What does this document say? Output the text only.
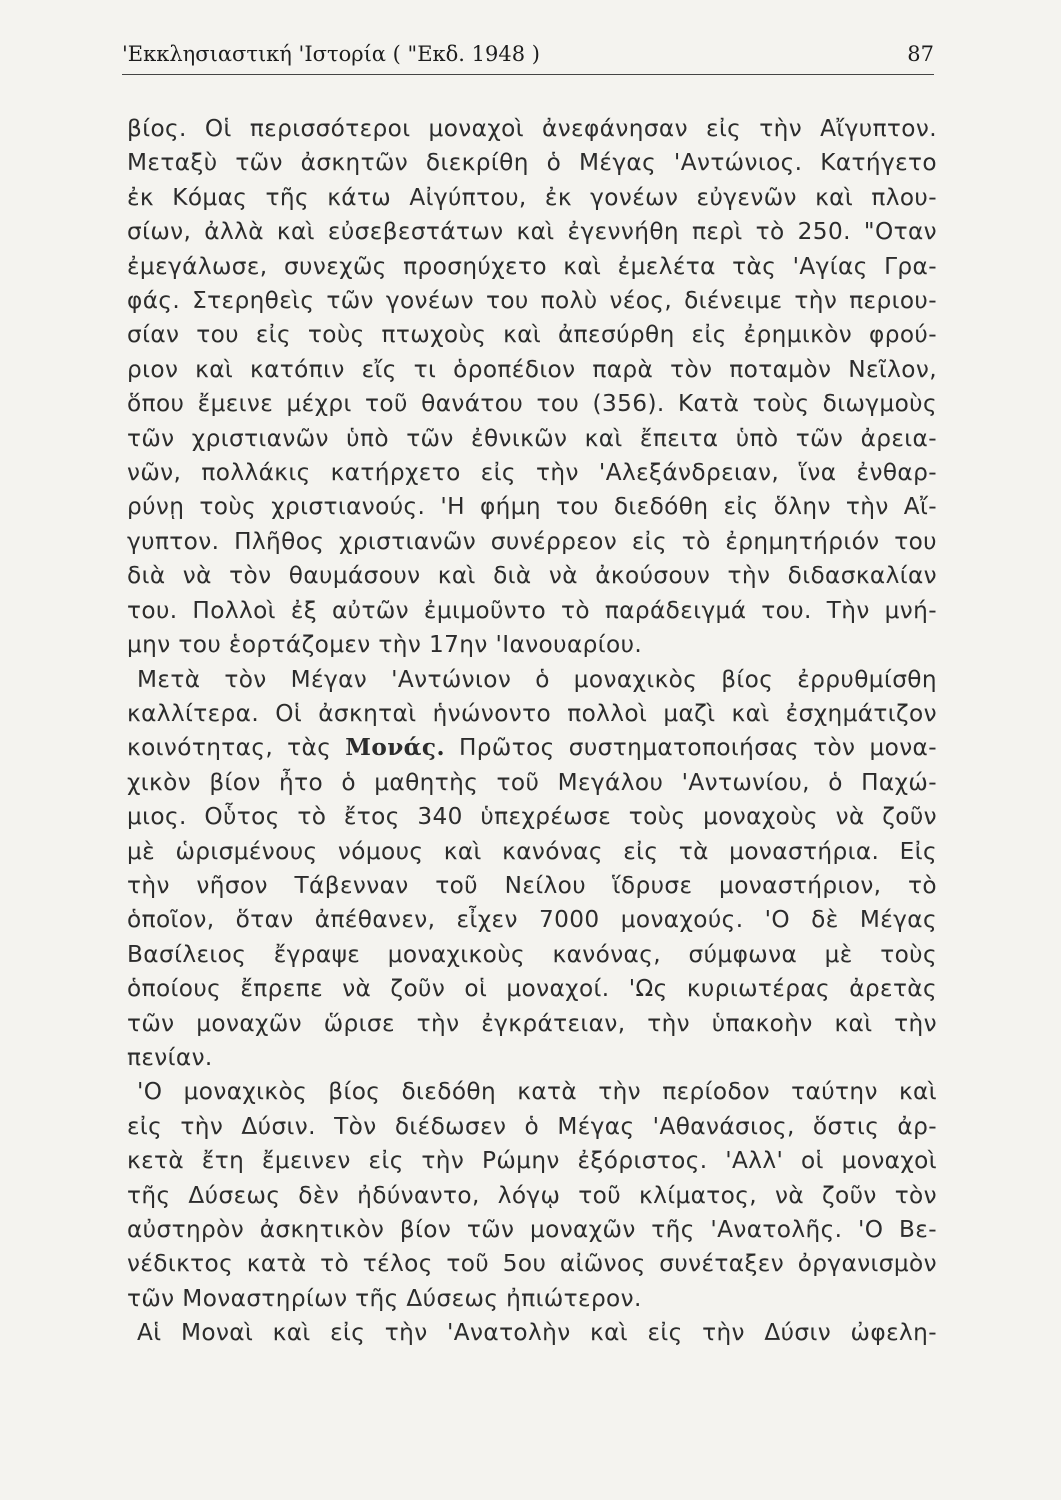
'Εκκλησιαστική 'Ιστορία ( "Εκδ. 1948 )	87
βίος. Οἱ περισσότεροι μοναχοὶ ἀνεφάνησαν εἰς τὴν Αἴγυπτον.
Μεταξὺ τῶν ἀσκητῶν διεκρίθη ὁ Μέγας 'Αντώνιος. Κατήγετο
ἐκ Κόμας τῆς κάτω Αἰγύπτου, ἐκ γονέων εὐγενῶν καὶ πλου-
σίων, ἀλλὰ καὶ εὐσεβεστάτων καὶ ἐγεννήθη περὶ τὸ 250. "Οταν
ἐμεγάλωσε, συνεχῶς προσηύχετο καὶ ἐμελέτα τὰς 'Αγίας Γρα-
φάς. Στερηθεὶς τῶν γονέων του πολὺ νέος, διένειμε τὴν περιου-
σίαν του εἰς τοὺς πτωχοὺς καὶ ἀπεσύρθη εἰς ἐρημικὸν φρού-
ριον καὶ κατόπιν εἴς τι ὁροπέδιον παρὰ τὸν ποταμὸν Νεῖλον,
ὅπου ἔμεινε μέχρι τοῦ θανάτου του (356). Κατὰ τοὺς διωγμοὺς
τῶν χριστιανῶν ὑπὸ τῶν ἐθνικῶν καὶ ἔπειτα ὑπὸ τῶν ἀρεια-
νῶν, πολλάκις κατήρχετο εἰς τὴν 'Αλεξάνδρειαν, ἵνα ἐνθαρ-
ρύνῃ τοὺς χριστιανούς. 'Η φήμη του διεδόθη εἰς ὅλην τὴν Αἴ-
γυπτον. Πλῆθος χριστιανῶν συνέρρεον εἰς τὸ ἐρημητήριόν του
διὰ νὰ τὸν θαυμάσουν καὶ διὰ νὰ ἀκούσουν τὴν διδασκαλίαν
του. Πολλοὶ ἐξ αὐτῶν ἐμιμοῦντο τὸ παράδειγμά του. Τὴν μνή-
μην του ἑορτάζομεν τὴν 17ην 'Ιανουαρίου.
Μετὰ τὸν Μέγαν 'Αντώνιον ὁ μοναχικὸς βίος ἐρρυθμίσθη
καλλίτερα. Οἱ ἀσκηταὶ ἡνώνοντο πολλοὶ μαζὶ καὶ ἐσχημάτιζον
κοινότητας, τὰς Μονάς. Πρῶτος συστηματοποιήσας τὸν μονα-
χικὸν βίον ἦτο ὁ μαθητὴς τοῦ Μεγάλου 'Αντωνίου, ὁ Παχώ-
μιος. Οὗτος τὸ ἔτος 340 ὑπεχρέωσε τοὺς μοναχοὺς νὰ ζοῦν
μὲ ὡρισμένους νόμους καὶ κανόνας εἰς τὰ μοναστήρια. Εἰς
τὴν νῆσον Τάβενναν τοῦ Νείλου ἵδρυσε μοναστήριον, τὸ
ὁποῖον, ὅταν ἀπέθανεν, εἶχεν 7000 μοναχούς. 'Ο δὲ Μέγας
Βασίλειος ἔγραψε μοναχικοὺς κανόνας, σύμφωνα μὲ τοὺς
ὁποίους ἔπρεπε νὰ ζοῦν οἱ μοναχοί. 'Ως κυριωτέρας ἀρετὰς
τῶν μοναχῶν ὥρισε τὴν ἐγκράτειαν, τὴν ὑπακοὴν καὶ τὴν
πενίαν.
'Ο μοναχικὸς βίος διεδόθη κατὰ τὴν περίοδον ταύτην καὶ
εἰς τὴν Δύσιν. Τὸν διέδωσεν ὁ Μέγας 'Αθανάσιος, ὅστις ἀρ-
κετὰ ἔτη ἔμεινεν εἰς τὴν Ρώμην ἐξόριστος. 'Αλλ' οἱ μοναχοὶ
τῆς Δύσεως δὲν ἠδύναντο, λόγῳ τοῦ κλίματος, νὰ ζοῦν τὸν
αὐστηρὸν ἀσκητικὸν βίον τῶν μοναχῶν τῆς 'Ανατολῆς. 'Ο Βε-
νέδικτος κατὰ τὸ τέλος τοῦ 5ου αἰῶνος συνέταξεν ὀργανισμὸν
τῶν Μοναστηρίων τῆς Δύσεως ἠπιώτερον.
Αἱ Μοναὶ καὶ εἰς τὴν 'Ανατολὴν καὶ εἰς τὴν Δύσιν ὠφελη-
